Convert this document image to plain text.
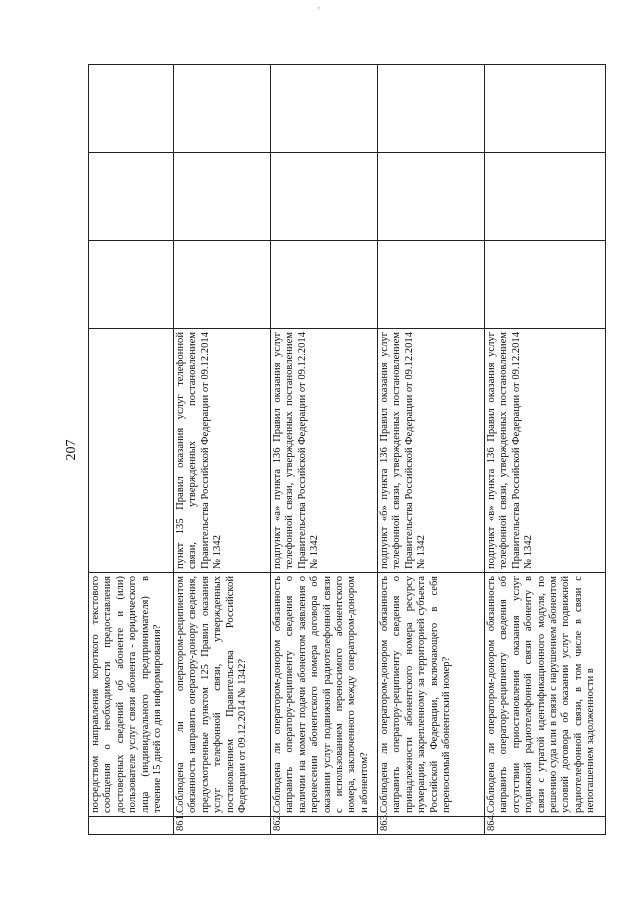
'
207
	посредством направления короткого текстового сообщения о необходимости предоставления достоверных сведений об абоненте и (или) пользователе услуг связи абонента - юридического лица (индивидуального предпринимателя) в течение 15 дней со дня информирования?				
861.	Соблюдена ли оператором-реципиентом обязанность направить оператору-донору сведения, предусмотренные пунктом 125 Правил оказания услуг телефонной связи, утвержденных постановлением Правительства Российской Федерации от 09.12.2014 № 1342?	пункт 135 Правил оказания услуг телефонной связи, утвержденных постановлением Правительства Российской Федерации от 09.12.2014 № 1342			
862.	Соблюдена ли оператором-донором обязанность направить оператору-реципиенту сведения о наличии на момент подачи абонентом заявления о перенесении абонентского номера договора об оказании услуг подвижной радиотелефонной связи с использованием переносимого абонентского номера, заключенного между оператором-донором и абонентом?	подпункт «а» пункта 136 Правил оказания услуг телефонной связи, утвержденных постановлением Правительства Российской Федерации от 09.12.2014 № 1342			
863.	Соблюдена ли оператором-донором обязанность направить оператору-реципиенту сведения о принадлежности абонентского номера ресурсу нумерации, закрепленному за территорией субъекта Российской Федерации, включающего в себя переносимый абонентский номер?	подпункт «б» пункта 136 Правил оказания услуг телефонной связи, утвержденных постановлением Правительства Российской Федерации от 09.12.2014 № 1342			
864.	Соблюдена ли оператором-донором обязанность направить оператору-реципиенту сведения об отсутствии приостановления оказания услуг подвижной радиотелефонной связи абоненту в связи с утратой идентификационного модуля, по решению суда или в связи с нарушением абонентом условий договора об оказании услуг подвижной радиотелефонной связи, в том числе в связи с непогашением задолженности в	подпункт «в» пункта 136 Правил оказания услуг телефонной связи, утвержденных постановлением Правительства Российской Федерации от 09.12.2014 № 1342			
